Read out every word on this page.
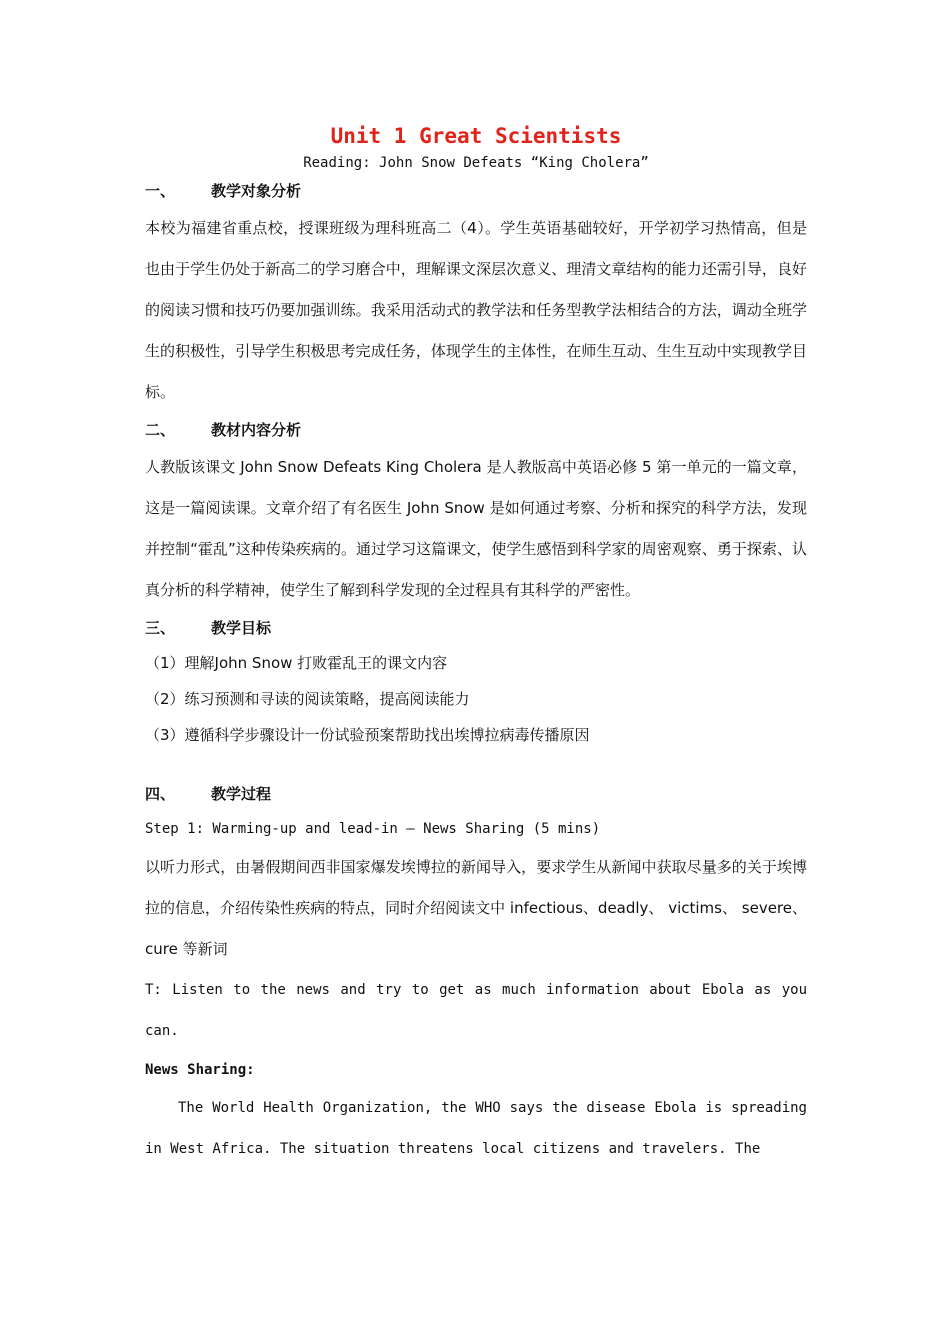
Unit 1 Great Scientists

Reading: John Snow Defeats “King Cholera”

一、	教学对象分析

本校为福建省重点校，授课班级为理科班高二（4）。学生英语基础较好，开学初学习热情高，但是也由于学生仍处于新高二的学习磨合中，理解课文深层次意义、理清文章结构的能力还需引导，良好的阅读习惯和技巧仍要加强训练。我采用活动式的教学法和任务型教学法相结合的方法，调动全班学生的积极性，引导学生积极思考完成任务，体现学生的主体性，在师生互动、生生互动中实现教学目标。

二、	教材内容分析

人教版该课文 John Snow Defeats King Cholera 是人教版高中英语必修 5 第一单元的一篇文章，这是一篇阅读课。文章介绍了有名医生 John Snow 是如何通过考察、分析和探究的科学方法，发现并控制“霍乱”这种传染疾病的。通过学习这篇课文，使学生感悟到科学家的周密观察、勇于探索、认真分析的科学精神，使学生了解到科学发现的全过程具有其科学的严密性。

三、	教学目标

（1）理解John Snow 打败霍乱王的课文内容

（2）练习预测和寻读的阅读策略，提高阅读能力

（3）遵循科学步骤设计一份试验预案帮助找出埃博拉病毒传播原因

四、	教学过程

Step 1: Warming-up and lead-in – News Sharing (5 mins)

以听力形式，由暑假期间西非国家爆发埃博拉的新闻导入，要求学生从新闻中获取尽量多的关于埃博拉的信息，介绍传染性疾病的特点，同时介绍阅读文中 infectious、deadly、 victims、 severe、 cure 等新词

T: Listen to the news and try to get as much information about Ebola as you can.

News Sharing:

The World Health Organization, the WHO says the disease Ebola is spreading in West Africa. The situation threatens local citizens and travelers. The
